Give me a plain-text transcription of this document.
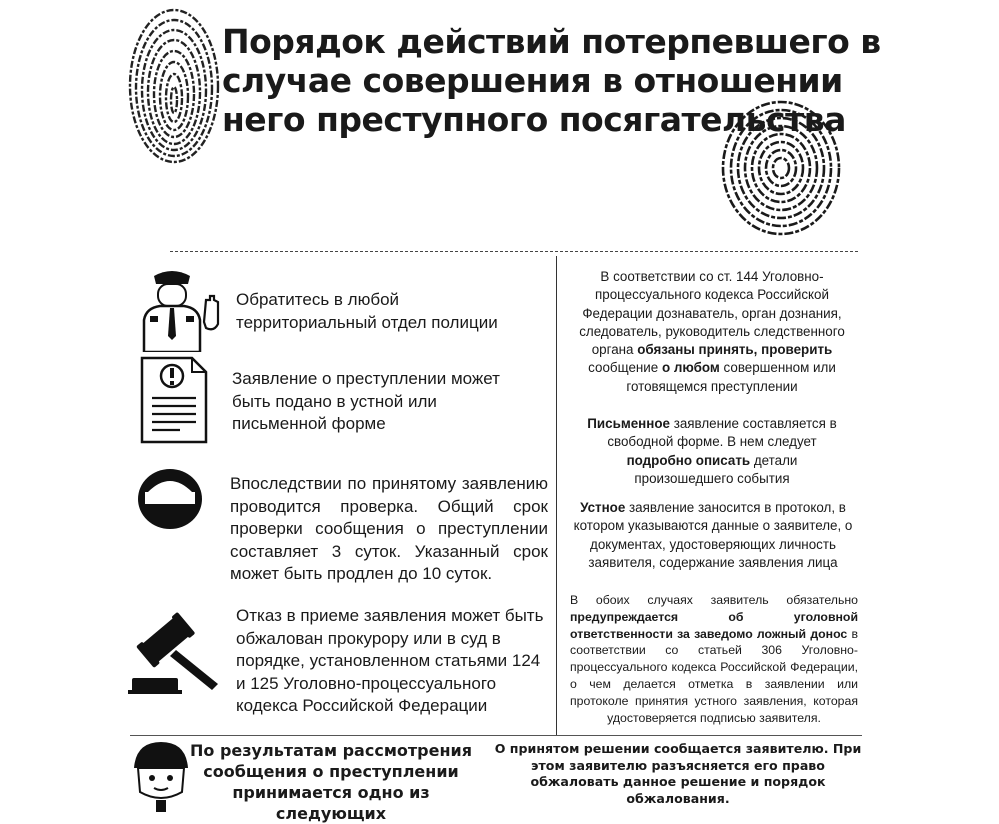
Порядок действий потерпевшего в случае совершения в отношении него преступного посягательства
Обратитесь в любой территориальный отдел полиции
Заявление о преступлении может быть подано в устной или письменной форме
Впоследствии по принятому заявлению проводится проверка. Общий срок проверки сообщения о преступлении составляет 3 суток. Указанный срок может быть продлен до 10 суток.
Отказ в приеме заявления может быть обжалован прокурору или в суд в порядке, установленном статьями 124 и 125 Уголовно-процессуального кодекса Российской Федерации
В соответствии со ст. 144 Уголовно-процессуального кодекса Российской Федерации дознаватель, орган дознания, следователь, руководитель следственного органа обязаны принять, проверить сообщение о любом совершенном или готовящемся преступлении
Письменное заявление составляется в свободной форме. В нем следует подробно описать детали произошедшего события
Устное заявление заносится в протокол, в котором указываются данные о заявителе, о документах, удостоверяющих личность заявителя, содержание заявления лица
В обоих случаях заявитель обязательно предупреждается об уголовной ответственности за заведомо ложный донос в соответствии со статьей 306 Уголовно-процессуального кодекса Российской Федерации, о чем делается отметка в заявлении или протоколе принятия устного заявления, которая удостоверяется подписью заявителя.
По результатам рассмотрения сообщения о преступлении принимается одно из следующих
О принятом решении сообщается заявителю. При этом заявителю разъясняется его право обжаловать данное решение и порядок обжалования.
